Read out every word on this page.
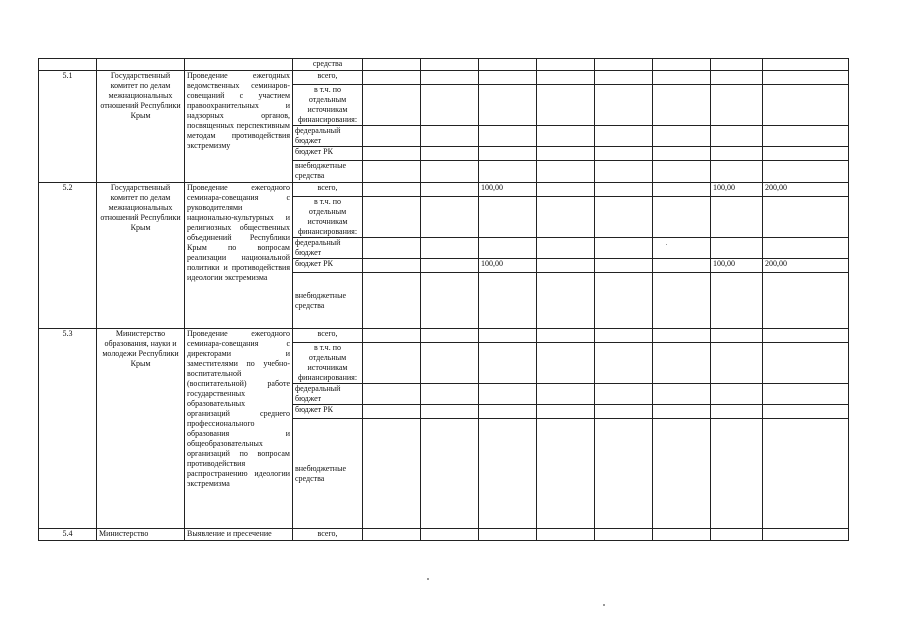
			средства								
5.1	Государственный комитет по делам межнациональных отношений Республики Крым	Проведение ежегодных ведомственных семинаров-совещаний с участием правоохранительных и надзорных органов, посвященных перспективным методам противодействия экстремизму	всего,								
			в т.ч. по отдельным источникам финансирования:								
			федеральный бюджет								
			бюджет РК								
			внебюджетные средства								
5.2	Государственный комитет по делам межнациональных отношений Республики Крым	Проведение ежегодного семинара-совещания с руководителями национально-культурных и религиозных общественных объединений Республики Крым по вопросам реализации национальной политики и противодействия идеологии экстремизма	всего,			100,00				100,00	200,00
			в т.ч. по отдельным источникам финансирования:								
			федеральный бюджет								
			бюджет РК			100,00				100,00	200,00
			внебюджетные средства								
5.3	Министерство образования, науки и молодежи Республики Крым	Проведение ежегодного семинара-совещания с директорами и заместителями по учебно-воспитательной (воспитательной) работе государственных образовательных организаций среднего профессионального образования и общеобразовательных организаций по вопросам противодействия распространению идеологии экстремизма	всего,								
			в т.ч. по отдельным источникам финансирования:								
			федеральный бюджет								
			бюджет РК								
			внебюджетные средства								
5.4	Министерство	Выявление и пресечение	всего,								
